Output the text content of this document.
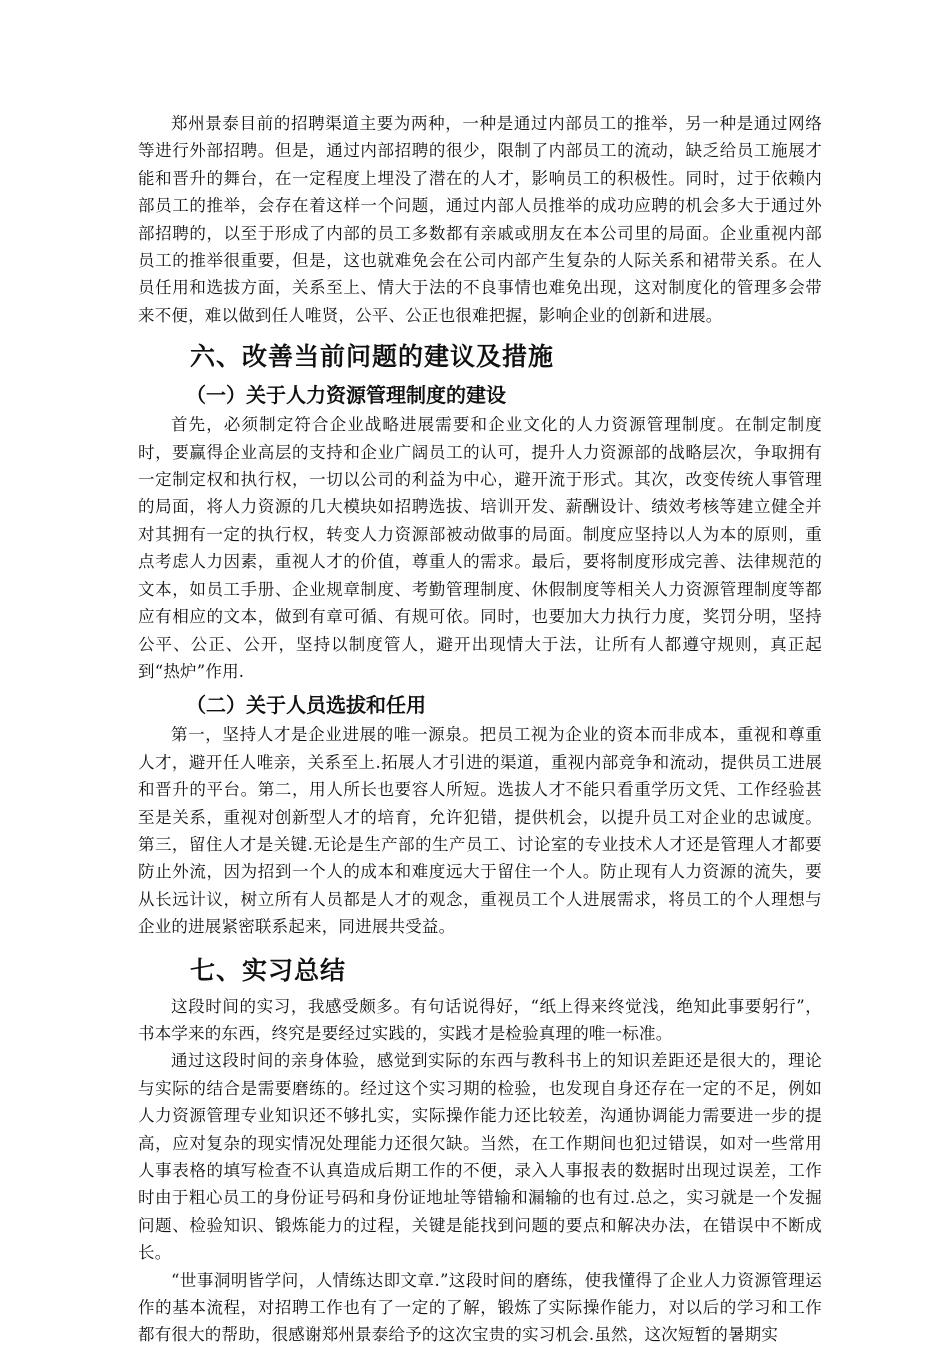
郑州景泰目前的招聘渠道主要为两种，一种是通过内部员工的推举，另一种是通过网络等进行外部招聘。但是，通过内部招聘的很少，限制了内部员工的流动，缺乏给员工施展才能和晋升的舞台，在一定程度上埋没了潜在的人才，影响员工的积极性。同时，过于依赖内部员工的推举，会存在着这样一个问题，通过内部人员推举的成功应聘的机会多大于通过外部招聘的，以至于形成了内部的员工多数都有亲戚或朋友在本公司里的局面。企业重视内部员工的推举很重要，但是，这也就难免会在公司内部产生复杂的人际关系和裙带关系。在人员任用和选拔方面，关系至上、情大于法的不良事情也难免出现，这对制度化的管理多会带来不便，难以做到任人唯贤，公平、公正也很难把握，影响企业的创新和进展。

六、改善当前问题的建议及措施
（一）关于人力资源管理制度的建设

首先，必须制定符合企业战略进展需要和企业文化的人力资源管理制度。在制定制度时，要赢得企业高层的支持和企业广阔员工的认可，提升人力资源部的战略层次，争取拥有一定制定权和执行权，一切以公司的利益为中心，避开流于形式。其次，改变传统人事管理的局面，将人力资源的几大模块如招聘选拔、培训开发、薪酬设计、绩效考核等建立健全并对其拥有一定的执行权，转变人力资源部被动做事的局面。制度应坚持以人为本的原则，重点考虑人力因素，重视人才的价值，尊重人的需求。最后，要将制度形成完善、法律规范的文本，如员工手册、企业规章制度、考勤管理制度、休假制度等相关人力资源管理制度等都应有相应的文本，做到有章可循、有规可依。同时，也要加大力执行力度，奖罚分明，坚持公平、公正、公开，坚持以制度管人，避开出现情大于法，让所有人都遵守规则，真正起到“热炉”作用.

（二）关于人员选拔和任用

第一，坚持人才是企业进展的唯一源泉。把员工视为企业的资本而非成本，重视和尊重人才，避开任人唯亲，关系至上.拓展人才引进的渠道，重视内部竞争和流动，提供员工进展和晋升的平台。第二，用人所长也要容人所短。选拔人才不能只看重学历文凭、工作经验甚至是关系，重视对创新型人才的培育，允许犯错，提供机会，以提升员工对企业的忠诚度。第三，留住人才是关键.无论是生产部的生产员工、讨论室的专业技术人才还是管理人才都要防止外流，因为招到一个人的成本和难度远大于留住一个人。防止现有人力资源的流失，要从长远计议，树立所有人员都是人才的观念，重视员工个人进展需求，将员工的个人理想与企业的进展紧密联系起来，同进展共受益。

七、实习总结

这段时间的实习，我感受颇多。有句话说得好，“纸上得来终觉浅，绝知此事要躬行”，书本学来的东西，终究是要经过实践的，实践才是检验真理的唯一标准。

通过这段时间的亲身体验，感觉到实际的东西与教科书上的知识差距还是很大的，理论与实际的结合是需要磨练的。经过这个实习期的检验，也发现自身还存在一定的不足，例如人力资源管理专业知识还不够扎实，实际操作能力还比较差，沟通协调能力需要进一步的提高，应对复杂的现实情况处理能力还很欠缺。当然，在工作期间也犯过错误，如对一些常用人事表格的填写检查不认真造成后期工作的不便，录入人事报表的数据时出现过误差，工作时由于粗心员工的身份证号码和身份证地址等错输和漏输的也有过.总之，实习就是一个发掘问题、检验知识、锻炼能力的过程，关键是能找到问题的要点和解决办法，在错误中不断成长。

“世事洞明皆学问，人情练达即文章.”这段时间的磨练，使我懂得了企业人力资源管理运作的基本流程，对招聘工作也有了一定的了解，锻炼了实际操作能力，对以后的学习和工作都有很大的帮助，很感谢郑州景泰给予的这次宝贵的实习机会.虽然，这次短暂的暑期实
